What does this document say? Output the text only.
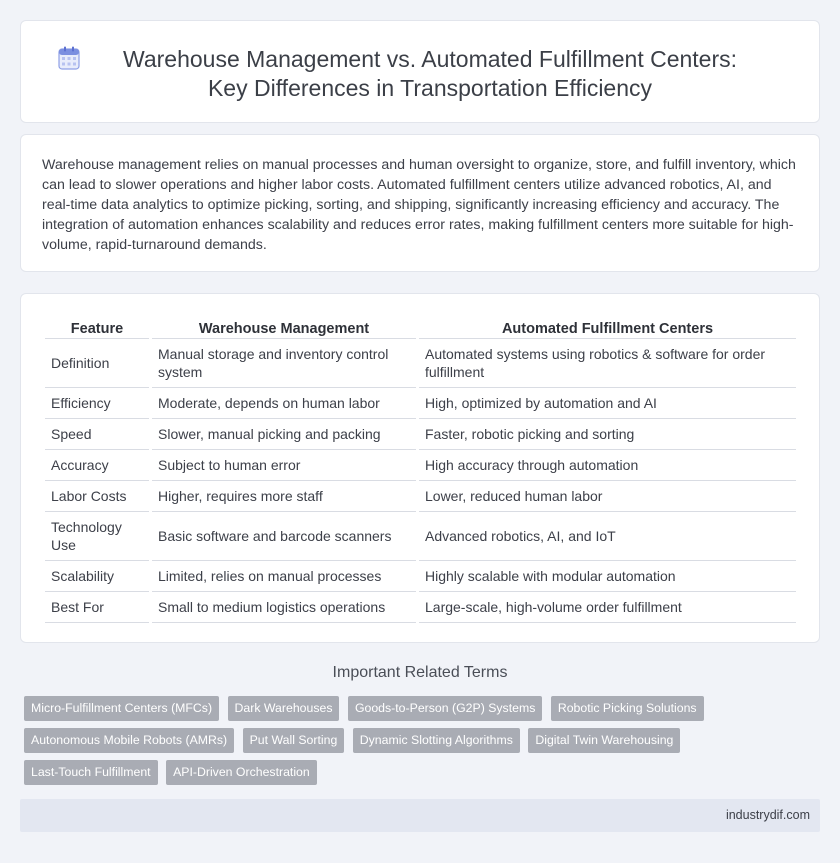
Warehouse Management vs. Automated Fulfillment Centers: Key Differences in Transportation Efficiency

Warehouse management relies on manual processes and human oversight to organize, store, and fulfill inventory, which can lead to slower operations and higher labor costs. Automated fulfillment centers utilize advanced robotics, AI, and real-time data analytics to optimize picking, sorting, and shipping, significantly increasing efficiency and accuracy. The integration of automation enhances scalability and reduces error rates, making fulfillment centers more suitable for high-volume, rapid-turnaround demands.

Feature	Warehouse Management	Automated Fulfillment Centers
Definition	Manual storage and inventory control system	Automated systems using robotics & software for order fulfillment
Efficiency	Moderate, depends on human labor	High, optimized by automation and AI
Speed	Slower, manual picking and packing	Faster, robotic picking and sorting
Accuracy	Subject to human error	High accuracy through automation
Labor Costs	Higher, requires more staff	Lower, reduced human labor
Technology Use	Basic software and barcode scanners	Advanced robotics, AI, and IoT
Scalability	Limited, relies on manual processes	Highly scalable with modular automation
Best For	Small to medium logistics operations	Large-scale, high-volume order fulfillment
Important Related Terms
Micro-Fulfillment Centers (MFCs) Dark Warehouses Goods-to-Person (G2P) Systems Robotic Picking Solutions Autonomous Mobile Robots (AMRs) Put Wall Sorting Dynamic Slotting Algorithms Digital Twin Warehousing Last-Touch Fulfillment API-Driven Orchestration
industrydif.com
